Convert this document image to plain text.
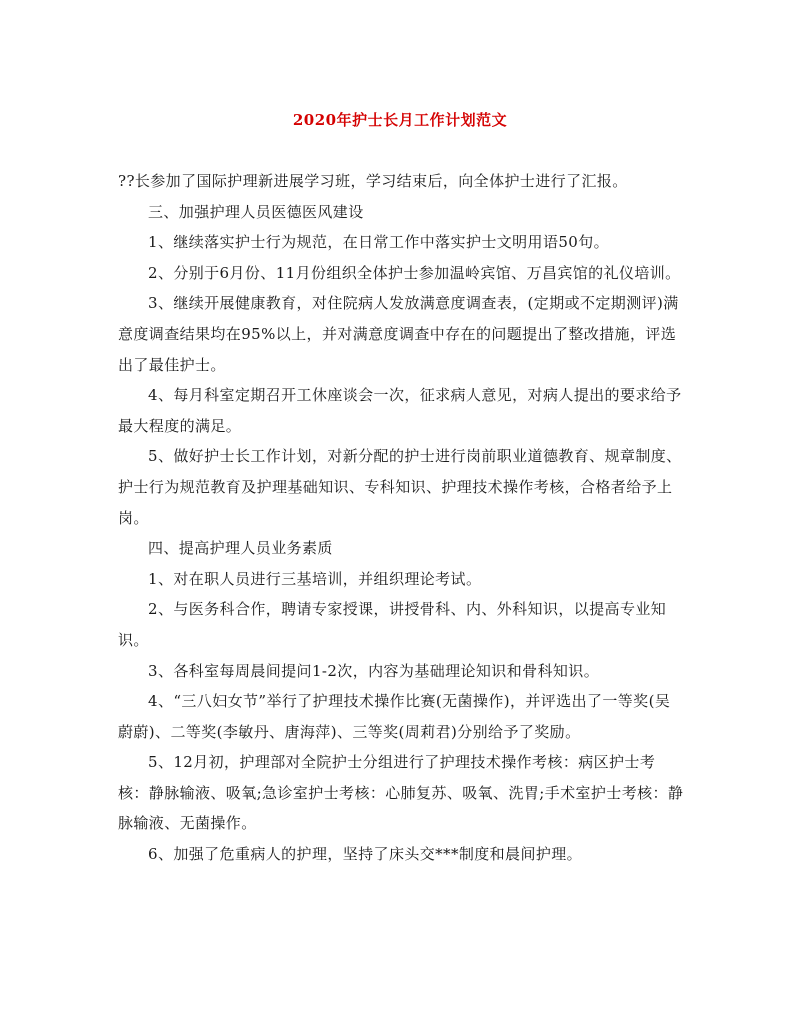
2020年护士长月工作计划范文

??长参加了国际护理新进展学习班，学习结束后，向全体护士进行了汇报。

三、加强护理人员医德医风建设

1、继续落实护士行为规范，在日常工作中落实护士文明用语50句。

2、分别于6月份、11月份组织全体护士参加温岭宾馆、万昌宾馆的礼仪培训。

3、继续开展健康教育，对住院病人发放满意度调查表，(定期或不定期测评)满意度调查结果均在95%以上，并对满意度调查中存在的问题提出了整改措施，评选出了最佳护士。

4、每月科室定期召开工休座谈会一次，征求病人意见，对病人提出的要求给予最大程度的满足。

5、做好护士长工作计划，对新分配的护士进行岗前职业道德教育、规章制度、护士行为规范教育及护理基础知识、专科知识、护理技术操作考核，合格者给予上岗。

四、提高护理人员业务素质

1、对在职人员进行三基培训，并组织理论考试。

2、与医务科合作，聘请专家授课，讲授骨科、内、外科知识，以提高专业知识。

3、各科室每周晨间提问1-2次，内容为基础理论知识和骨科知识。

4、“三八妇女节”举行了护理技术操作比赛(无菌操作)，并评选出了一等奖(吴蔚蔚)、二等奖(李敏丹、唐海萍)、三等奖(周莉君)分别给予了奖励。

5、12月初，护理部对全院护士分组进行了护理技术操作考核：病区护士考核：静脉输液、吸氧;急诊室护士考核：心肺复苏、吸氧、洗胃;手术室护士考核：静脉输液、无菌操作。

6、加强了危重病人的护理，坚持了床头交***制度和晨间护理。
